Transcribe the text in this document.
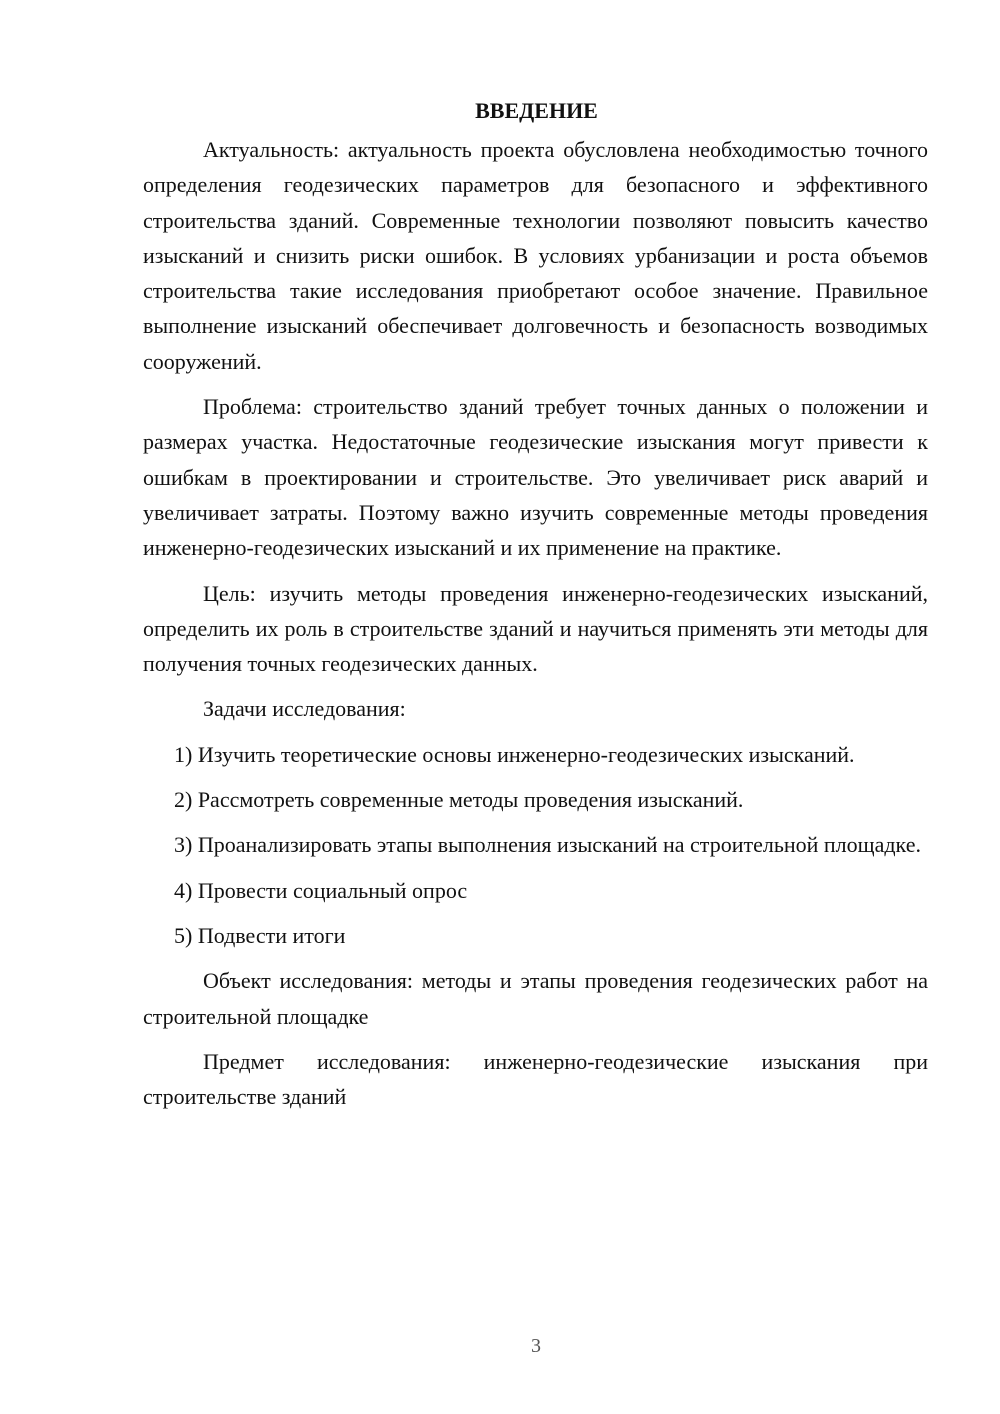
ВВЕДЕНИЕ

Актуальность: актуальность проекта обусловлена необходимостью точного определения геодезических параметров для безопасного и эффективного строительства зданий. Современные технологии позволяют повысить качество изысканий и снизить риски ошибок. В условиях урбанизации и роста объемов строительства такие исследования приобретают особое значение. Правильное выполнение изысканий обеспечивает долговечность и безопасность возводимых сооружений.

Проблема: строительство зданий требует точных данных о положении и размерах участка. Недостаточные геодезические изыскания могут привести к ошибкам в проектировании и строительстве. Это увеличивает риск аварий и увеличивает затраты. Поэтому важно изучить современные методы проведения инженерно-геодезических изысканий и их применение на практике.

Цель: изучить методы проведения инженерно-геодезических изысканий, определить их роль в строительстве зданий и научиться применять эти методы для получения точных геодезических данных.

Задачи исследования:

1) Изучить теоретические основы инженерно-геодезических изысканий.

2) Рассмотреть современные методы проведения изысканий.

3) Проанализировать этапы выполнения изысканий на строительной площадке.

4) Провести социальный опрос

5) Подвести итоги

Объект исследования: методы и этапы проведения геодезических работ на строительной площадке

Предмет исследования: инженерно-геодезические изыскания при строительстве зданий

3
